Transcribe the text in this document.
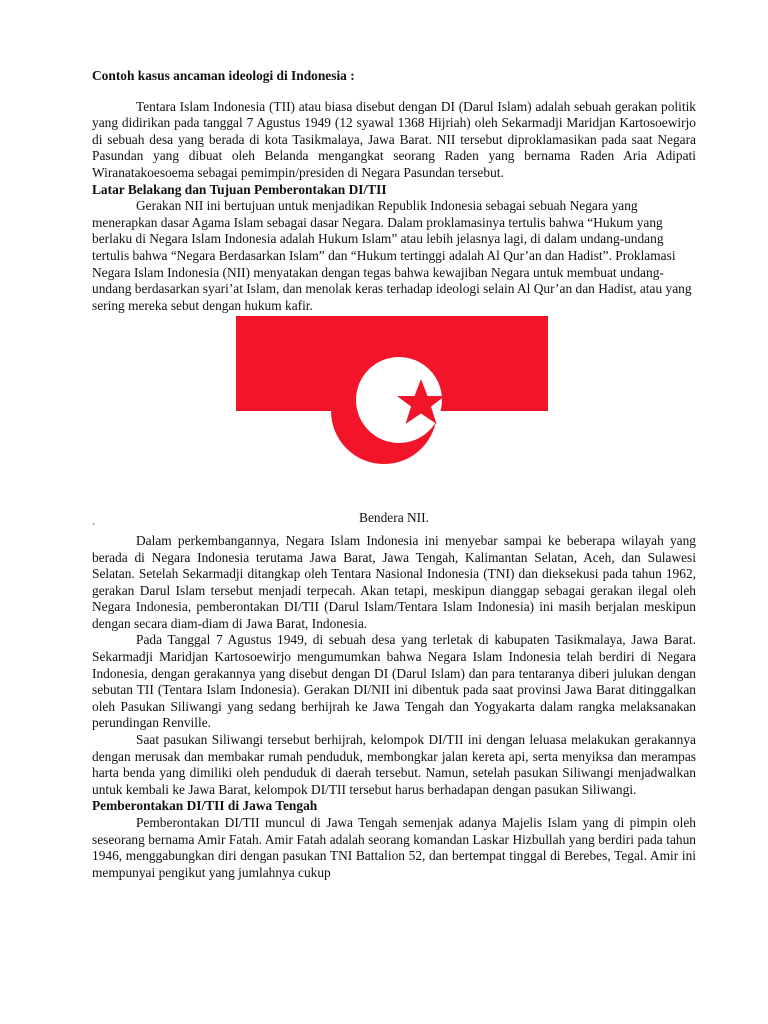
Contoh kasus ancaman ideologi di Indonesia :

Tentara Islam Indonesia (TII) atau biasa disebut dengan DI (Darul Islam) adalah sebuah gerakan politik yang didirikan pada tanggal 7 Agustus 1949 (12 syawal 1368 Hijriah) oleh Sekarmadji Maridjan Kartosoewirjo di sebuah desa yang berada di kota Tasikmalaya, Jawa Barat. NII tersebut diproklamasikan pada saat Negara Pasundan yang dibuat oleh Belanda mengangkat seorang Raden yang bernama Raden Aria Adipati Wiranatakoesoema sebagai pemimpin/presiden di Negara Pasundan tersebut.

Latar Belakang dan Tujuan Pemberontakan DI/TII

Gerakan NII ini bertujuan untuk menjadikan Republik Indonesia sebagai sebuah Negara yang menerapkan dasar Agama Islam sebagai dasar Negara. Dalam proklamasinya tertulis bahwa “Hukum yang berlaku di Negara Islam Indonesia adalah Hukum Islam” atau lebih jelasnya lagi, di dalam undang-undang tertulis bahwa “Negara Berdasarkan Islam” dan “Hukum tertinggi adalah Al Qur’an dan Hadist”. Proklamasi Negara Islam Indonesia (NII) menyatakan dengan tegas bahwa kewajiban Negara untuk membuat undang-undang berdasarkan syari’at Islam, dan menolak keras terhadap ideologi selain Al Qur’an dan Hadist, atau yang sering mereka sebut dengan hukum kafir.

Bendera NII.
`

Dalam perkembangannya, Negara Islam Indonesia ini menyebar sampai ke beberapa wilayah yang berada di Negara Indonesia terutama Jawa Barat, Jawa Tengah, Kalimantan Selatan, Aceh, dan Sulawesi Selatan. Setelah Sekarmadji ditangkap oleh Tentara Nasional Indonesia (TNI) dan dieksekusi pada tahun 1962, gerakan Darul Islam tersebut menjadi terpecah. Akan tetapi, meskipun dianggap sebagai gerakan ilegal oleh Negara Indonesia, pemberontakan DI/TII (Darul Islam/Tentara Islam Indonesia) ini masih berjalan meskipun dengan secara diam-diam di Jawa Barat, Indonesia.

Pada Tanggal 7 Agustus 1949, di sebuah desa yang terletak di kabupaten Tasikmalaya, Jawa Barat. Sekarmadji Maridjan Kartosoewirjo mengumumkan bahwa Negara Islam Indonesia telah berdiri di Negara Indonesia, dengan gerakannya yang disebut dengan DI (Darul Islam) dan para tentaranya diberi julukan dengan sebutan TII (Tentara Islam Indonesia). Gerakan DI/NII ini dibentuk pada saat provinsi Jawa Barat ditinggalkan oleh Pasukan Siliwangi yang sedang berhijrah ke Jawa Tengah dan Yogyakarta dalam rangka melaksanakan perundingan Renville.

Saat pasukan Siliwangi tersebut berhijrah, kelompok DI/TII ini dengan leluasa melakukan gerakannya dengan merusak dan membakar rumah penduduk, membongkar jalan kereta api, serta menyiksa dan merampas harta benda yang dimiliki oleh penduduk di daerah tersebut. Namun, setelah pasukan Siliwangi menjadwalkan untuk kembali ke Jawa Barat, kelompok DI/TII tersebut harus berhadapan dengan pasukan Siliwangi.

Pemberontakan DI/TII di Jawa Tengah

Pemberontakan DI/TII muncul di Jawa Tengah semenjak adanya Majelis Islam yang di pimpin oleh seseorang bernama Amir Fatah. Amir Fatah adalah seorang komandan Laskar Hizbullah yang berdiri pada tahun 1946, menggabungkan diri dengan pasukan TNI Battalion 52, dan bertempat tinggal di Berebes, Tegal. Amir ini mempunyai pengikut yang jumlahnya cukup
